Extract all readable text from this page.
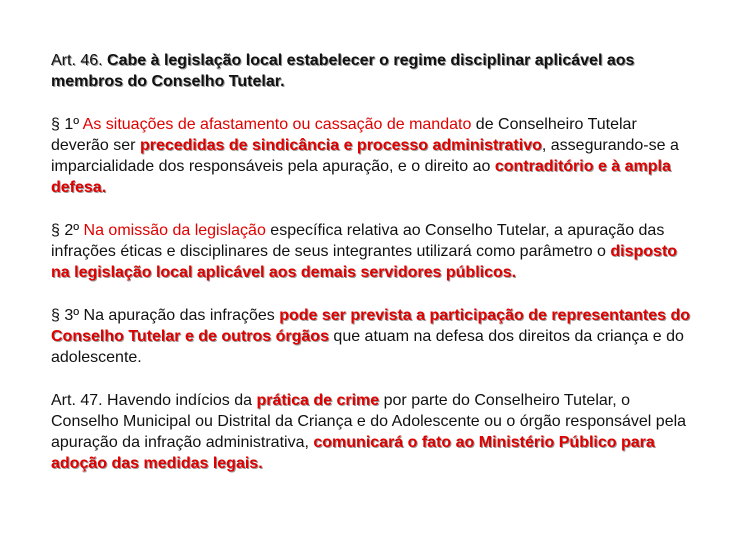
Art. 46. Cabe à legislação local estabelecer o regime disciplinar aplicável aos membros do Conselho Tutelar.

§ 1º As situações de afastamento ou cassação de mandato de Conselheiro Tutelar deverão ser precedidas de sindicância e processo administrativo, assegurando-se a imparcialidade dos responsáveis pela apuração, e o direito ao contraditório e à ampla defesa.

§ 2º Na omissão da legislação específica relativa ao Conselho Tutelar, a apuração das infrações éticas e disciplinares de seus integrantes utilizará como parâmetro o disposto na legislação local aplicável aos demais servidores públicos.

§ 3º Na apuração das infrações pode ser prevista a participação de representantes do Conselho Tutelar e de outros órgãos que atuam na defesa dos direitos da criança e do adolescente.

Art. 47. Havendo indícios da prática de crime por parte do Conselheiro Tutelar, o Conselho Municipal ou Distrital da Criança e do Adolescente ou o órgão responsável pela apuração da infração administrativa, comunicará o fato ao Ministério Público para adoção das medidas legais.
